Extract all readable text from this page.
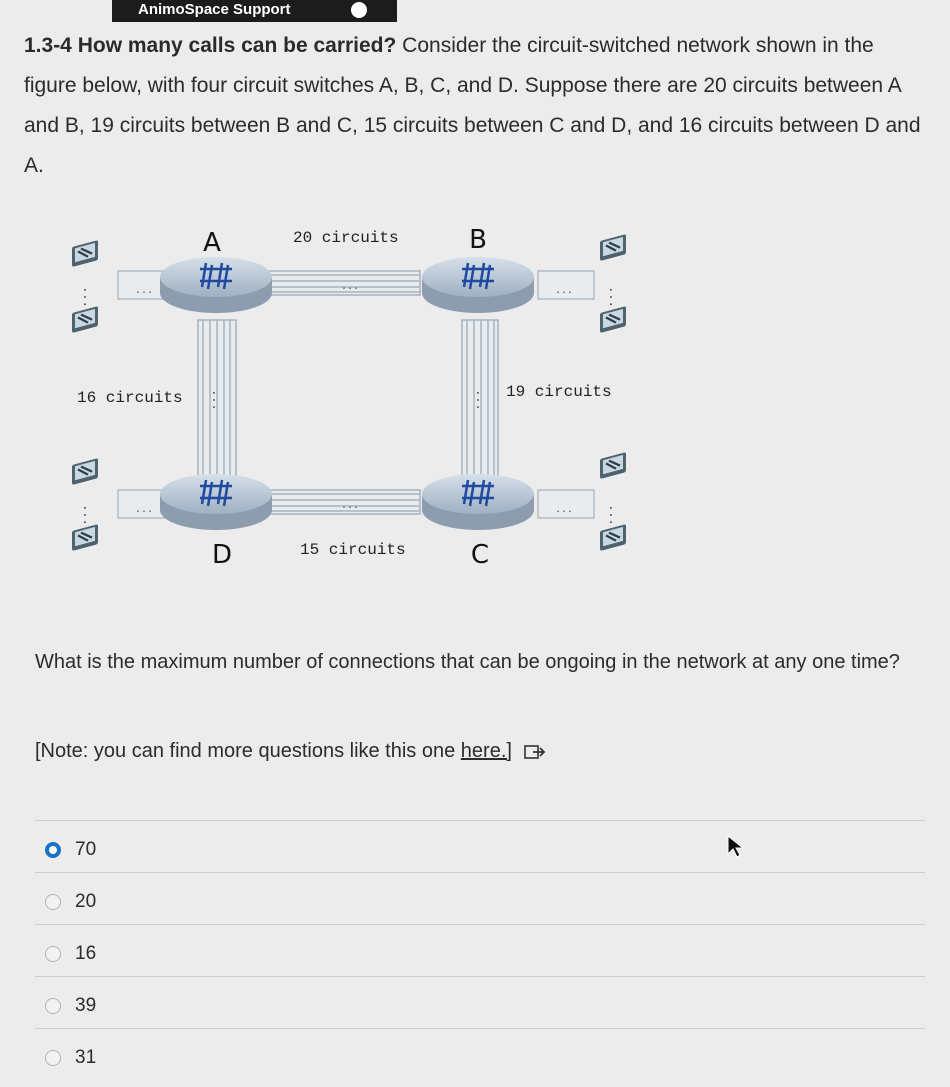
AnimoSpace Support
1.3-4 How many calls can be carried? Consider the circuit-switched network shown in the figure below, with four circuit switches A, B, C, and D. Suppose there are 20 circuits between A and B, 19 circuits between B and C, 15 circuits between C and D, and 16 circuits between D and A.
...
...
...	...
...	...
...	...
...	...
...	...
A	B
D	C
20 circuits
16 circuits	19 circuits
15 circuits
What is the maximum number of connections that can be ongoing in the network at any one time?
[Note: you can find more questions like this one here.]
70
20
16
39
31
